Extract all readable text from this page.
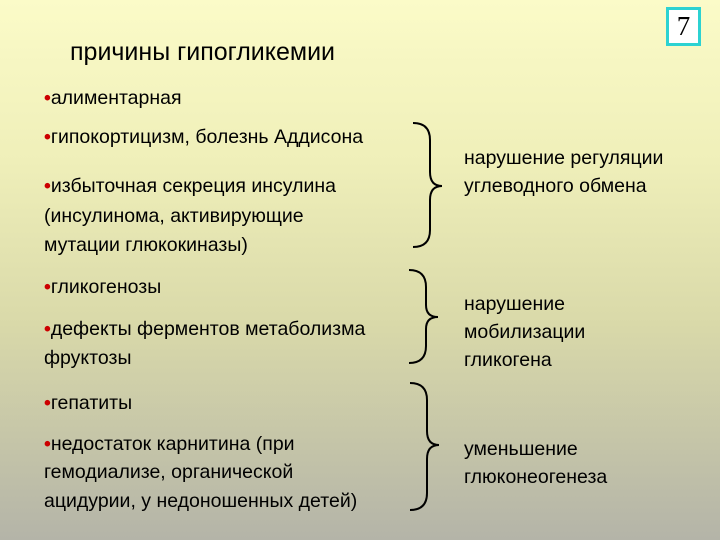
7
причины гипогликемии
•алиментарная
•гипокортицизм, болезнь Аддисона
•избыточная секреция инсулина
(инсулинома, активирующие
мутации глюкокиназы)
•гликогенозы
•дефекты ферментов метаболизма
фруктозы
•гепатиты
•недостаток карнитина (при
гемодиализе, органической
ацидурии, у недоношенных детей)
нарушение регуляции
углеводного обмена
нарушение
мобилизации
гликогена
уменьшение
глюконеогенеза
